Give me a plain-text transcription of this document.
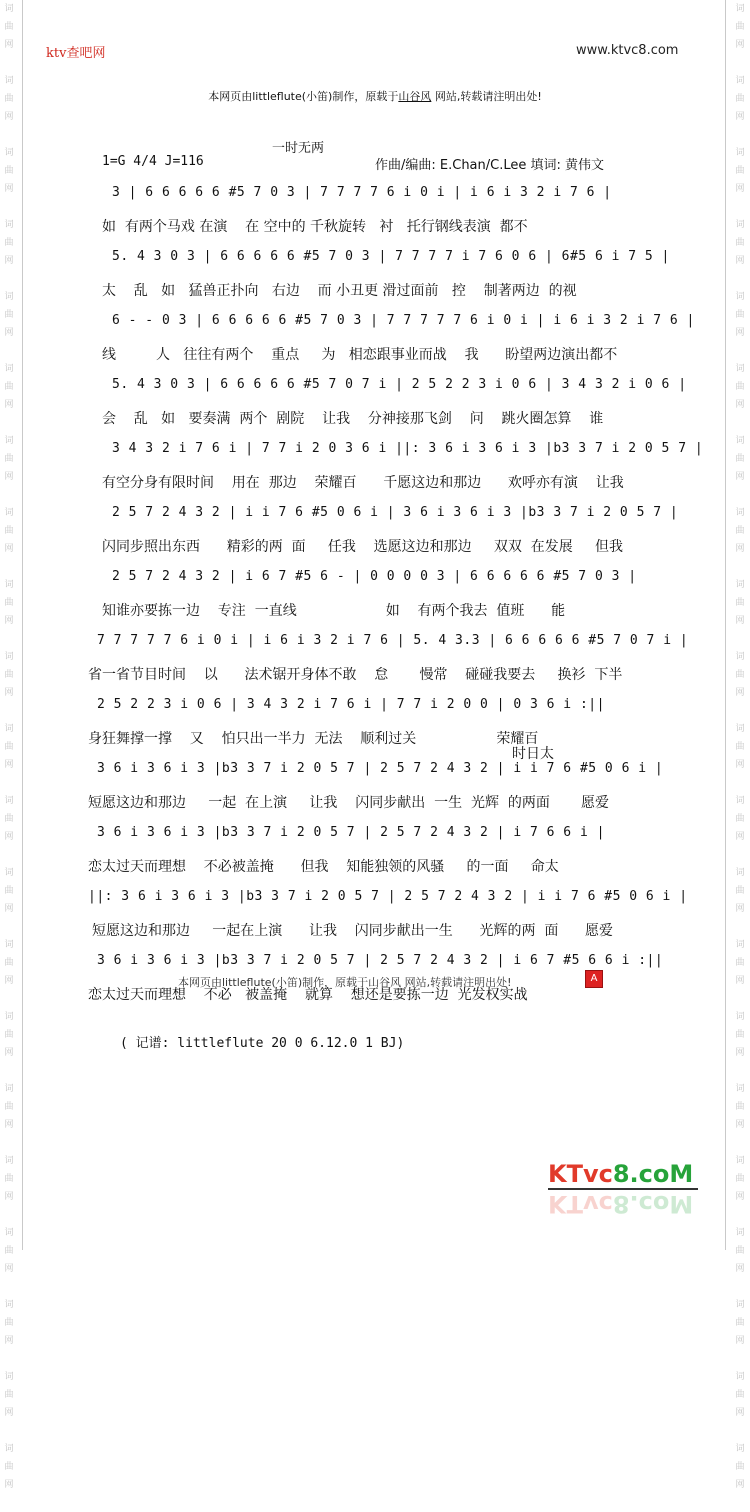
词
曲
网

词
曲
网

词
曲
网

词
曲
网

词
曲
网

词
曲
网

词
曲
网

词
曲
网

词
曲
网

词
曲
网

词
曲
网

词
曲
网

词
曲
网

词
曲
网

词
曲
网

词
曲
网

词
曲
网

词
曲
网

词
曲
网

词
曲
网

词
曲
网

词
曲
网

词
曲
网

词
曲
网

词
曲
网

词
曲
网

词
曲
网

词
曲
网

词
曲
网

词
曲
网

词
曲
网

词
曲
网

词
曲
网

词
曲
网

词
曲
网

词
曲
网

词
曲
网

词
曲
网

词
曲
网

词
曲
网

词
曲
网

词
曲
网

ktv查吧网	www.ktvc8.com
本网页由littleflute(小笛)制作，原载于山谷风 网站,转载请注明出处!
一时无两
1=G 4/4 J=116	作曲/编曲: E.Chan/C.Lee 填词: 黄伟文
3 | 6 6 6 6 6 #5 7 0 3 | 7 7 7 7 6 i 0 i | i 6 i 3 2 i 7 6 |
如  有两个马戏 在演    在 空中的 千秋旋转   衬   托行钢线表演  都不
5. 4 3 0 3 | 6 6 6 6 6 #5 7 0 3 | 7 7 7 7 i 7 6 0 6 | 6#5 6 i 7 5 |
太    乱   如   猛兽正扑向   右边    而 小丑更 滑过面前   控    制著两边  的视
6 - - 0 3 | 6 6 6 6 6 #5 7 0 3 | 7 7 7 7 7 6 i 0 i | i 6 i 3 2 i 7 6 |
线         人   往往有两个    重点     为   相恋跟事业而战    我      盼望两边演出都不
5. 4 3 0 3 | 6 6 6 6 6 #5 7 0 7 i | 2 5 2 2 3 i 0 6 | 3 4 3 2 i 0 6 |
会    乱   如   要奏满  两个  剧院    让我    分神接那飞剑    问    跳火圈怎算    谁
3 4 3 2 i 7 6 i | 7 7 i 2 0 3 6 i ||: 3 6 i 3 6 i 3 |b3 3 7 i 2 0 5 7 |
有空分身有限时间    用在  那边    荣耀百      千愿这边和那边      欢呼亦有演    让我
2 5 7 2 4 3 2 | i i 7 6 #5 0 6 i | 3 6 i 3 6 i 3 |b3 3 7 i 2 0 5 7 |
闪同步照出东西      精彩的两  面     任我    选愿这边和那边     双双  在发展     但我
2 5 7 2 4 3 2 | i 6 7 #5 6 - | 0 0 0 0 3 | 6 6 6 6 6 #5 7 0 3 |
知谁亦要拣一边    专注  一直线                    如    有两个我去  值班      能
7 7 7 7 7 6 i 0 i | i 6 i 3 2 i 7 6 | 5. 4 3.3 | 6 6 6 6 6 #5 7 0 7 i |
省一省节目时间    以      法术锯开身体不敢    怠       慢常    碰碰我要去     换衫  下半
2 5 2 2 3 i 0 6 | 3 4 3 2 i 7 6 i | 7 7 i 2 0 0 | 0 3 6 i :||
身狂舞撑一撑    又    怕只出一半力  无法    顺利过关                  荣耀百
时日太
3 6 i 3 6 i 3 |b3 3 7 i 2 0 5 7 | 2 5 7 2 4 3 2 | i i 7 6 #5 0 6 i |
短愿这边和那边     一起  在上演     让我    闪同步献出  一生  光辉  的两面       愿爱
3 6 i 3 6 i 3 |b3 3 7 i 2 0 5 7 | 2 5 7 2 4 3 2 | i 7 6 6 i |
恋太过天而理想    不必被盖掩      但我    知能独领的风骚     的一面     命太
||: 3 6 i 3 6 i 3 |b3 3 7 i 2 0 5 7 | 2 5 7 2 4 3 2 | i i 7 6 #5 0 6 i |
短愿这边和那边     一起在上演      让我    闪同步献出一生      光辉的两  面      愿爱
3 6 i 3 6 i 3 |b3 3 7 i 2 0 5 7 | 2 5 7 2 4 3 2 | i 6 7 #5 6 6 i :||
恋太过天而理想    不必   被盖掩    就算    想还是要拣一边  光发权实战
本网页由littleflute(小笛)制作，原载于山谷风 网站,转载请注明出处!	A
( 记谱: littleflute 20 0 6.12.0 1 BJ)
KTvc8.coM
KTvc8.coM
